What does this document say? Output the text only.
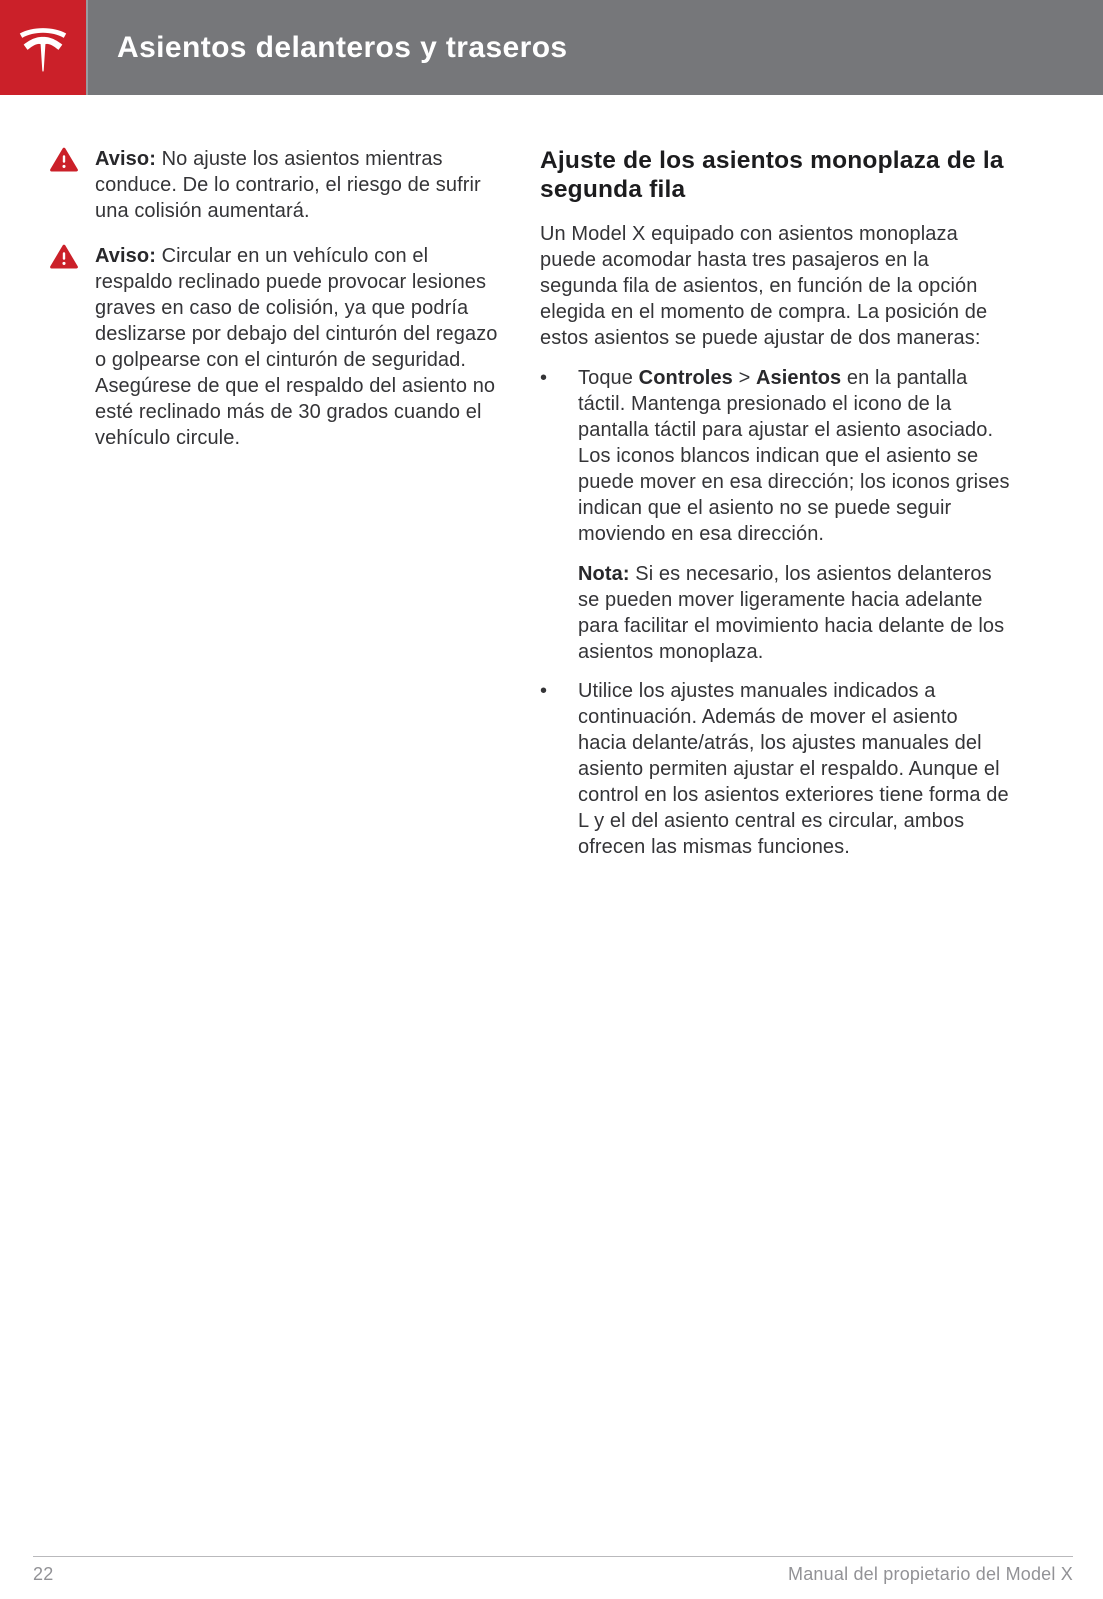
Asientos delanteros y traseros

Aviso: No ajuste los asientos mientras conduce. De lo contrario, el riesgo de sufrir una colisión aumentará.

Aviso: Circular en un vehículo con el respaldo reclinado puede provocar lesiones graves en caso de colisión, ya que podría deslizarse por debajo del cinturón del regazo o golpearse con el cinturón de seguridad. Asegúrese de que el respaldo del asiento no esté reclinado más de 30 grados cuando el vehículo circule.

Ajuste de los asientos monoplaza de la segunda fila

Un Model X equipado con asientos monoplaza puede acomodar hasta tres pasajeros en la segunda fila de asientos, en función de la opción elegida en el momento de compra. La posición de estos asientos se puede ajustar de dos maneras:

•	Toque Controles > Asientos en la pantalla táctil. Mantenga presionado el icono de la pantalla táctil para ajustar el asiento asociado. Los iconos blancos indican que el asiento se puede mover en esa dirección; los iconos grises indican que el asiento no se puede seguir moviendo en esa dirección.

Nota: Si es necesario, los asientos delanteros se pueden mover ligeramente hacia adelante para facilitar el movimiento hacia delante de los asientos monoplaza.

•	Utilice los ajustes manuales indicados a continuación. Además de mover el asiento hacia delante/atrás, los ajustes manuales del asiento permiten ajustar el respaldo. Aunque el control en los asientos exteriores tiene forma de L y el del asiento central es circular, ambos ofrecen las mismas funciones.

22	Manual del propietario del Model X
